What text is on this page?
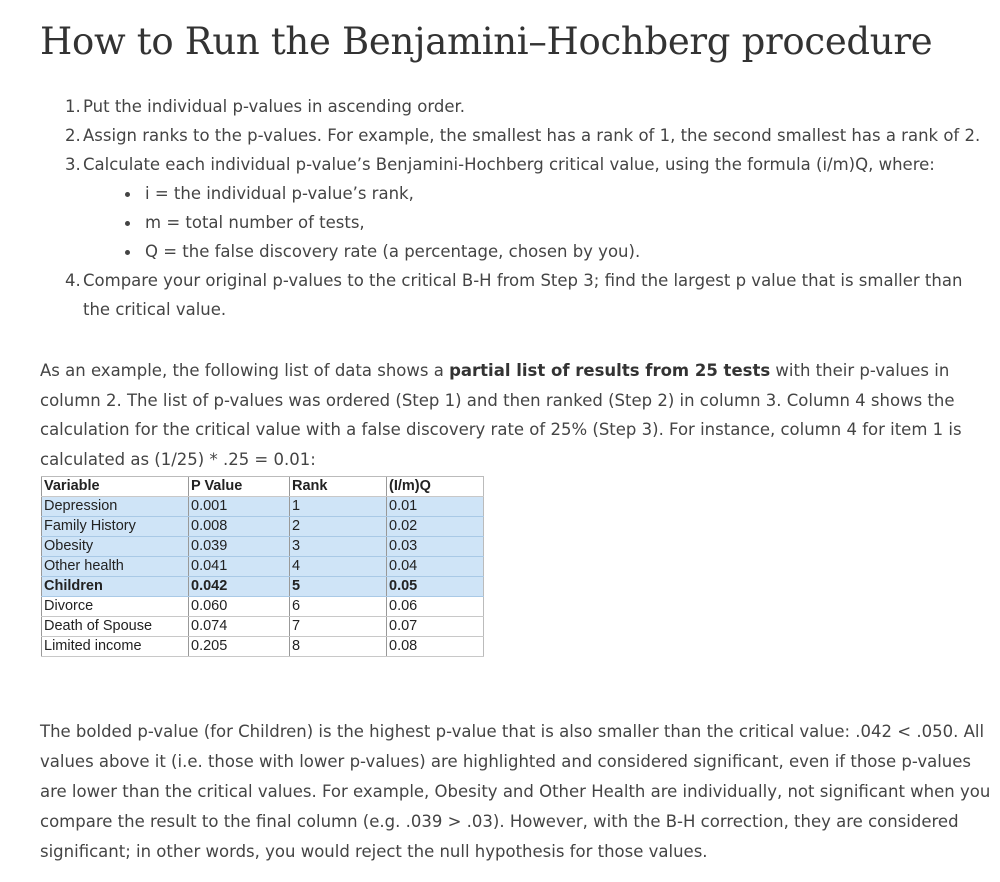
How to Run the Benjamini–Hochberg procedure
1. Put the individual p-values in ascending order.
2. Assign ranks to the p-values. For example, the smallest has a rank of 1, the second smallest has a rank of 2.
3. Calculate each individual p-value’s Benjamini-Hochberg critical value, using the formula (i/m)Q, where:
i = the individual p-value’s rank,
m = total number of tests,
Q = the false discovery rate (a percentage, chosen by you).
4. Compare your original p-values to the critical B-H from Step 3; find the largest p value that is smaller than the critical value.

As an example, the following list of data shows a partial list of results from 25 tests with their p-values in column 2. The list of p-values was ordered (Step 1) and then ranked (Step 2) in column 3. Column 4 shows the calculation for the critical value with a false discovery rate of 25% (Step 3). For instance, column 4 for item 1 is calculated as (1/25) * .25 = 0.01:

Variable	P Value	Rank	(I/m)Q
Depression	0.001	1	0.01
Family History	0.008	2	0.02
Obesity	0.039	3	0.03
Other health	0.041	4	0.04
Children	0.042	5	0.05
Divorce	0.060	6	0.06
Death of Spouse	0.074	7	0.07
Limited income	0.205	8	0.08

The bolded p-value (for Children) is the highest p-value that is also smaller than the critical value: .042 < .050. All values above it (i.e. those with lower p-values) are highlighted and considered significant, even if those p-values are lower than the critical values. For example, Obesity and Other Health are individually, not significant when you compare the result to the final column (e.g. .039 > .03). However, with the B-H correction, they are considered significant; in other words, you would reject the null hypothesis for those values.
